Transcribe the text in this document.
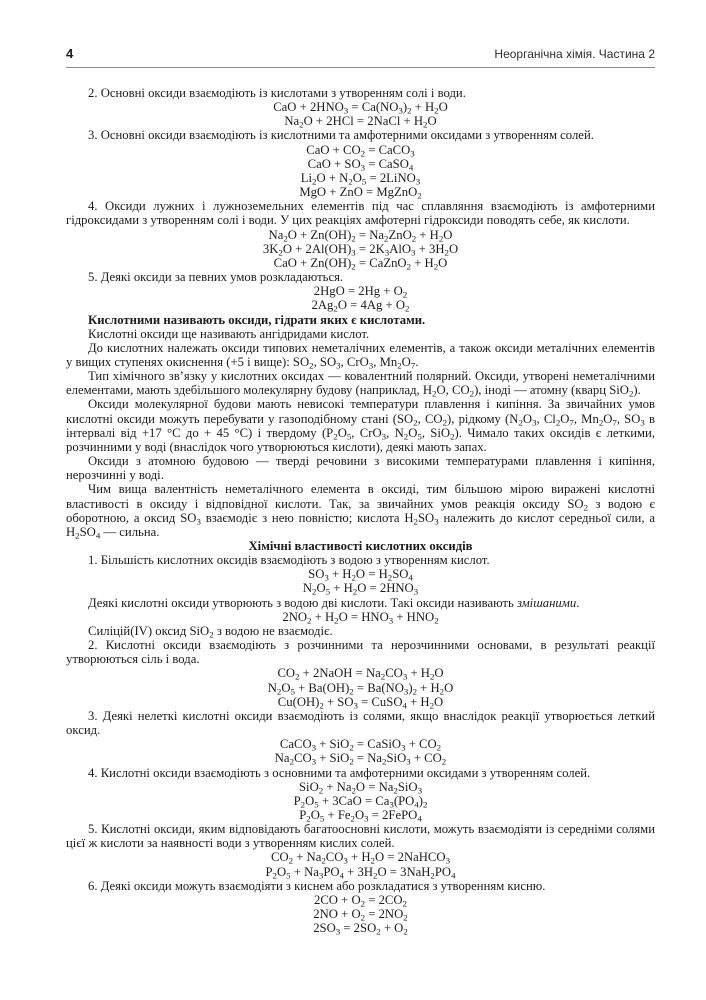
4	Неорганічна хімія. Частина 2

2. Основні оксиди взаємодіють із кислотами з утворенням солі і води.

CaO + $2HNO_3 = Ca(NO_3)_2 + H_2O$
$Na_2O + 2HCl$ = 2NaCl + $H_2O$

3. Основні оксиди взаємодіють із кислотними та амфотерними оксидами з утворенням солей.

CaO + $CO_2$ = CaCO$_3$
CaO + $SO_3$ = CaSO$_4$
$Li_2O + N_2O_5$ = 2LiNO$_3$
MgO + ZnO = MgZnO$_2$

4. Оксиди лужних і лужноземельних елементів під час сплавляння взаємодіють із амфотерними гідроксидами з утворенням солі і води. У цих реакціях амфотерні гідроксиди поводять себе, як кислоти.

$Na_2O + Zn(OH)_2 = Na_2ZnO_2 + H_2O$
$3K_2O + 2Al(OH)_3 = 2K_3AlO_3 + 3H_2O$
CaO + $Zn(OH)_2$ = CaZnO$_2$ + $H_2O$

5. Деякі оксиди за певних умов розкладаються.

$2HgO = 2Hg + O_2$
$2Ag_2O = 4Ag + O_2$

Кислотними називають оксиди, гідрати яких є кислотами.

Кислотні оксиди ще називають ангідридами кислот.

До кислотних належать оксиди типових неметалічних елементів, а також оксиди металічних елементів у вищих ступенях окиснення (+5 і вище): $SO_2$, $SO_3$, CrO$_3$, $Mn_2O_7$.

Тип хімічного зв’язку у кислотних оксидах — ковалентний полярний. Оксиди, утворені неметалічними елементами, мають здебільшого молекулярну будову (наприклад, $H_2O$, $CO_2$), іноді — атомну (кварц SiO$_2$).

Оксиди молекулярної будови мають невисокі температури плавлення і кипіння. За звичайних умов кислотні оксиди можуть перебувати у газоподібному стані ($SO_2$, $CO_2$), рідкому ($N_2O_3$, $Cl_2O_7$, $Mn_2O_7$, $SO_3$ в інтервалі від +17 °С до + 45 °С) і твердому ($P_2O_5$, CrO$_3$, $N_2O_5$, SiO$_2$). Чимало таких оксидів є леткими, розчинними у воді (внаслідок чого утворюються кислоти), деякі мають запах.

Оксиди з атомною будовою — тверді речовини з високими температурами плавлення і кипіння, нерозчинні у воді.

Чим вища валентність неметалічного елемента в оксиді, тим більшою мірою виражені кислотні властивості в оксиду і відповідної кислоти. Так, за звичайних умов реакція оксиду $SO_2$ з водою є оборотною, а оксид $SO_3$ взаємодіє з нею повністю; кислота $H_2SO_3$ належить до кислот середньої сили, а $H_2SO_4$ — сильна.

Хімічні властивості кислотних оксидів

1. Більшість кислотних оксидів взаємодіють з водою з утворенням кислот.

$SO_3 + H_2O = H_2SO_4$
$N_2O_5 + H_2O = 2HNO_3$

Деякі кислотні оксиди утворюють з водою дві кислоти. Такі оксиди називають змішаними.

$2NO_2 + H_2O = HNO_3 + HNO_2$

Силіцій(IV) оксид SiO$_2$ з водою не взаємодіє.

2. Кислотні оксиди взаємодіють з розчинними та нерозчинними основами, в результаті реакції утворюються сіль і вода.

$CO_2$ + 2NaOH = $Na_2CO_3 + H_2O$
$N_2O_5 + Ba(OH)_2 = Ba(NO_3)_2 + H_2O$
$Cu(OH)_2 + SO_3$ = CuSO$_4$ + $H_2O$

3. Деякі нелеткі кислотні оксиди взаємодіють із солями, якщо внаслідок реакції утворюється леткий оксид.

CaCO$_3$ + SiO$_2$ = CaSiO$_3$ + $CO_2$
$Na_2CO_3 + SiO_2 = Na_2SiO_3 + CO_2$

4. Кислотні оксиди взаємодіють з основними та амфотерними оксидами з утворенням солей.

$SiO_2 + Na_2O = Na_2SiO_3$
$P_2O_5 + 3CaO = Ca_3(PO_4)_2$
$P_2O_5 + Fe_2O_3$ = 2FePO$_4$

5. Кислотні оксиди, яким відповідають багатоосновні кислоти, можуть взаємодіяти із середніми солями цієї ж кислоти за наявності води з утворенням кислих солей.

$CO_2 + Na_2CO_3 + H_2O$ = 2NaHCO$_3$
$P_2O_5 + Na_3PO_4 + 3H_2O = 3NaH_2PO_4$

6. Деякі оксиди можуть взаємодіяти з киснем або розкладатися з утворенням кисню.

$2CO + O_2 = 2CO_2$
$2NO + O_2 = 2NO_2$
$2SO_3 = 2SO_2 + O_2$
